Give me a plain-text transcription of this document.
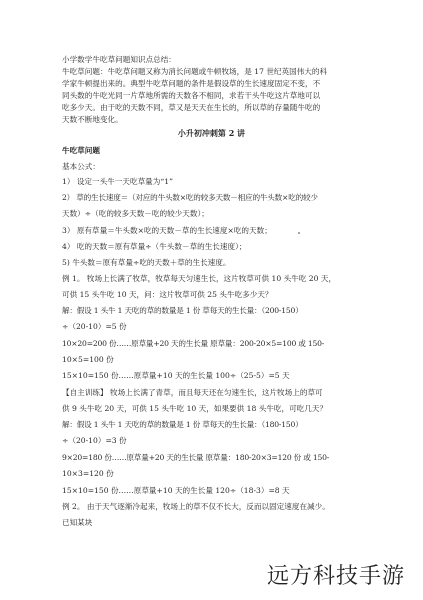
小学数学牛吃草问题知识点总结：
牛吃草问题：牛吃草问题又称为消长问题或牛顿牧场，是 17 世纪英国伟大的科
学家牛顿提出来的。典型牛吃草问题的条件是假设草的生长速度固定不变，不
同头数的牛吃光同一片草地所需的天数各不相同，求若干头牛吃这片草地可以
吃多少天。由于吃的天数不同，草又是天天在生长的，所以草的存量随牛吃的
天数不断地变化。
小升初冲刺第 2 讲
牛吃草问题
基本公式：
1） 设定一头牛一天吃草量为“1”
2） 草的生长速度＝（对应的牛头数×吃的较多天数－相应的牛头数×吃的较少
天数）÷（吃的较多天数－吃的较少天数）；
3） 原有草量＝牛头数×吃的天数－草的生长速度×吃的天数；
4） 吃的天数＝原有草量÷（牛头数－草的生长速度）；
5) 牛头数＝原有草量÷吃的天数＋草的生长速度。
例 1。 牧场上长满了牧草，牧草每天匀速生长，这片牧草可供 10 头牛吃 20 天，
可供 15 头牛吃 10 天，问：这片牧草可供 25 头牛吃多少天？
解：假设 1 头牛 1 天吃的草的数量是 1 份 草每天的生长量：（200-150）
÷（20-10）=5 份
10×20=200 份……原草量+20 天的生长量 原草量：200-20×5=100 或 150-
10×5=100 份
15×10=150 份……原草量+10 天的生长量 100÷（25-5）=5 天
【自主训练】 牧场上长满了青草，而且每天还在匀速生长，这片牧场上的草可
供 9 头牛吃 20 天，可供 15 头牛吃 10 天，如果要供 18 头牛吃，可吃几天？
解：假设 1 头牛 1 天吃的草的数量是 1 份 草每天的生长量：（180-150）
÷（20-10）=3 份
9×20=180 份……原草量+20 天的生长量 原草量：180-20×3=120 份 或 150-
10×3=120 份
15×10=150 份……原草量+10 天的生长量 120÷（18-3）=8 天
例 2。 由于天气逐渐冷起来，牧场上的草不仅不长大，反而以固定速度在减少。
已知某块
远方科技手游
